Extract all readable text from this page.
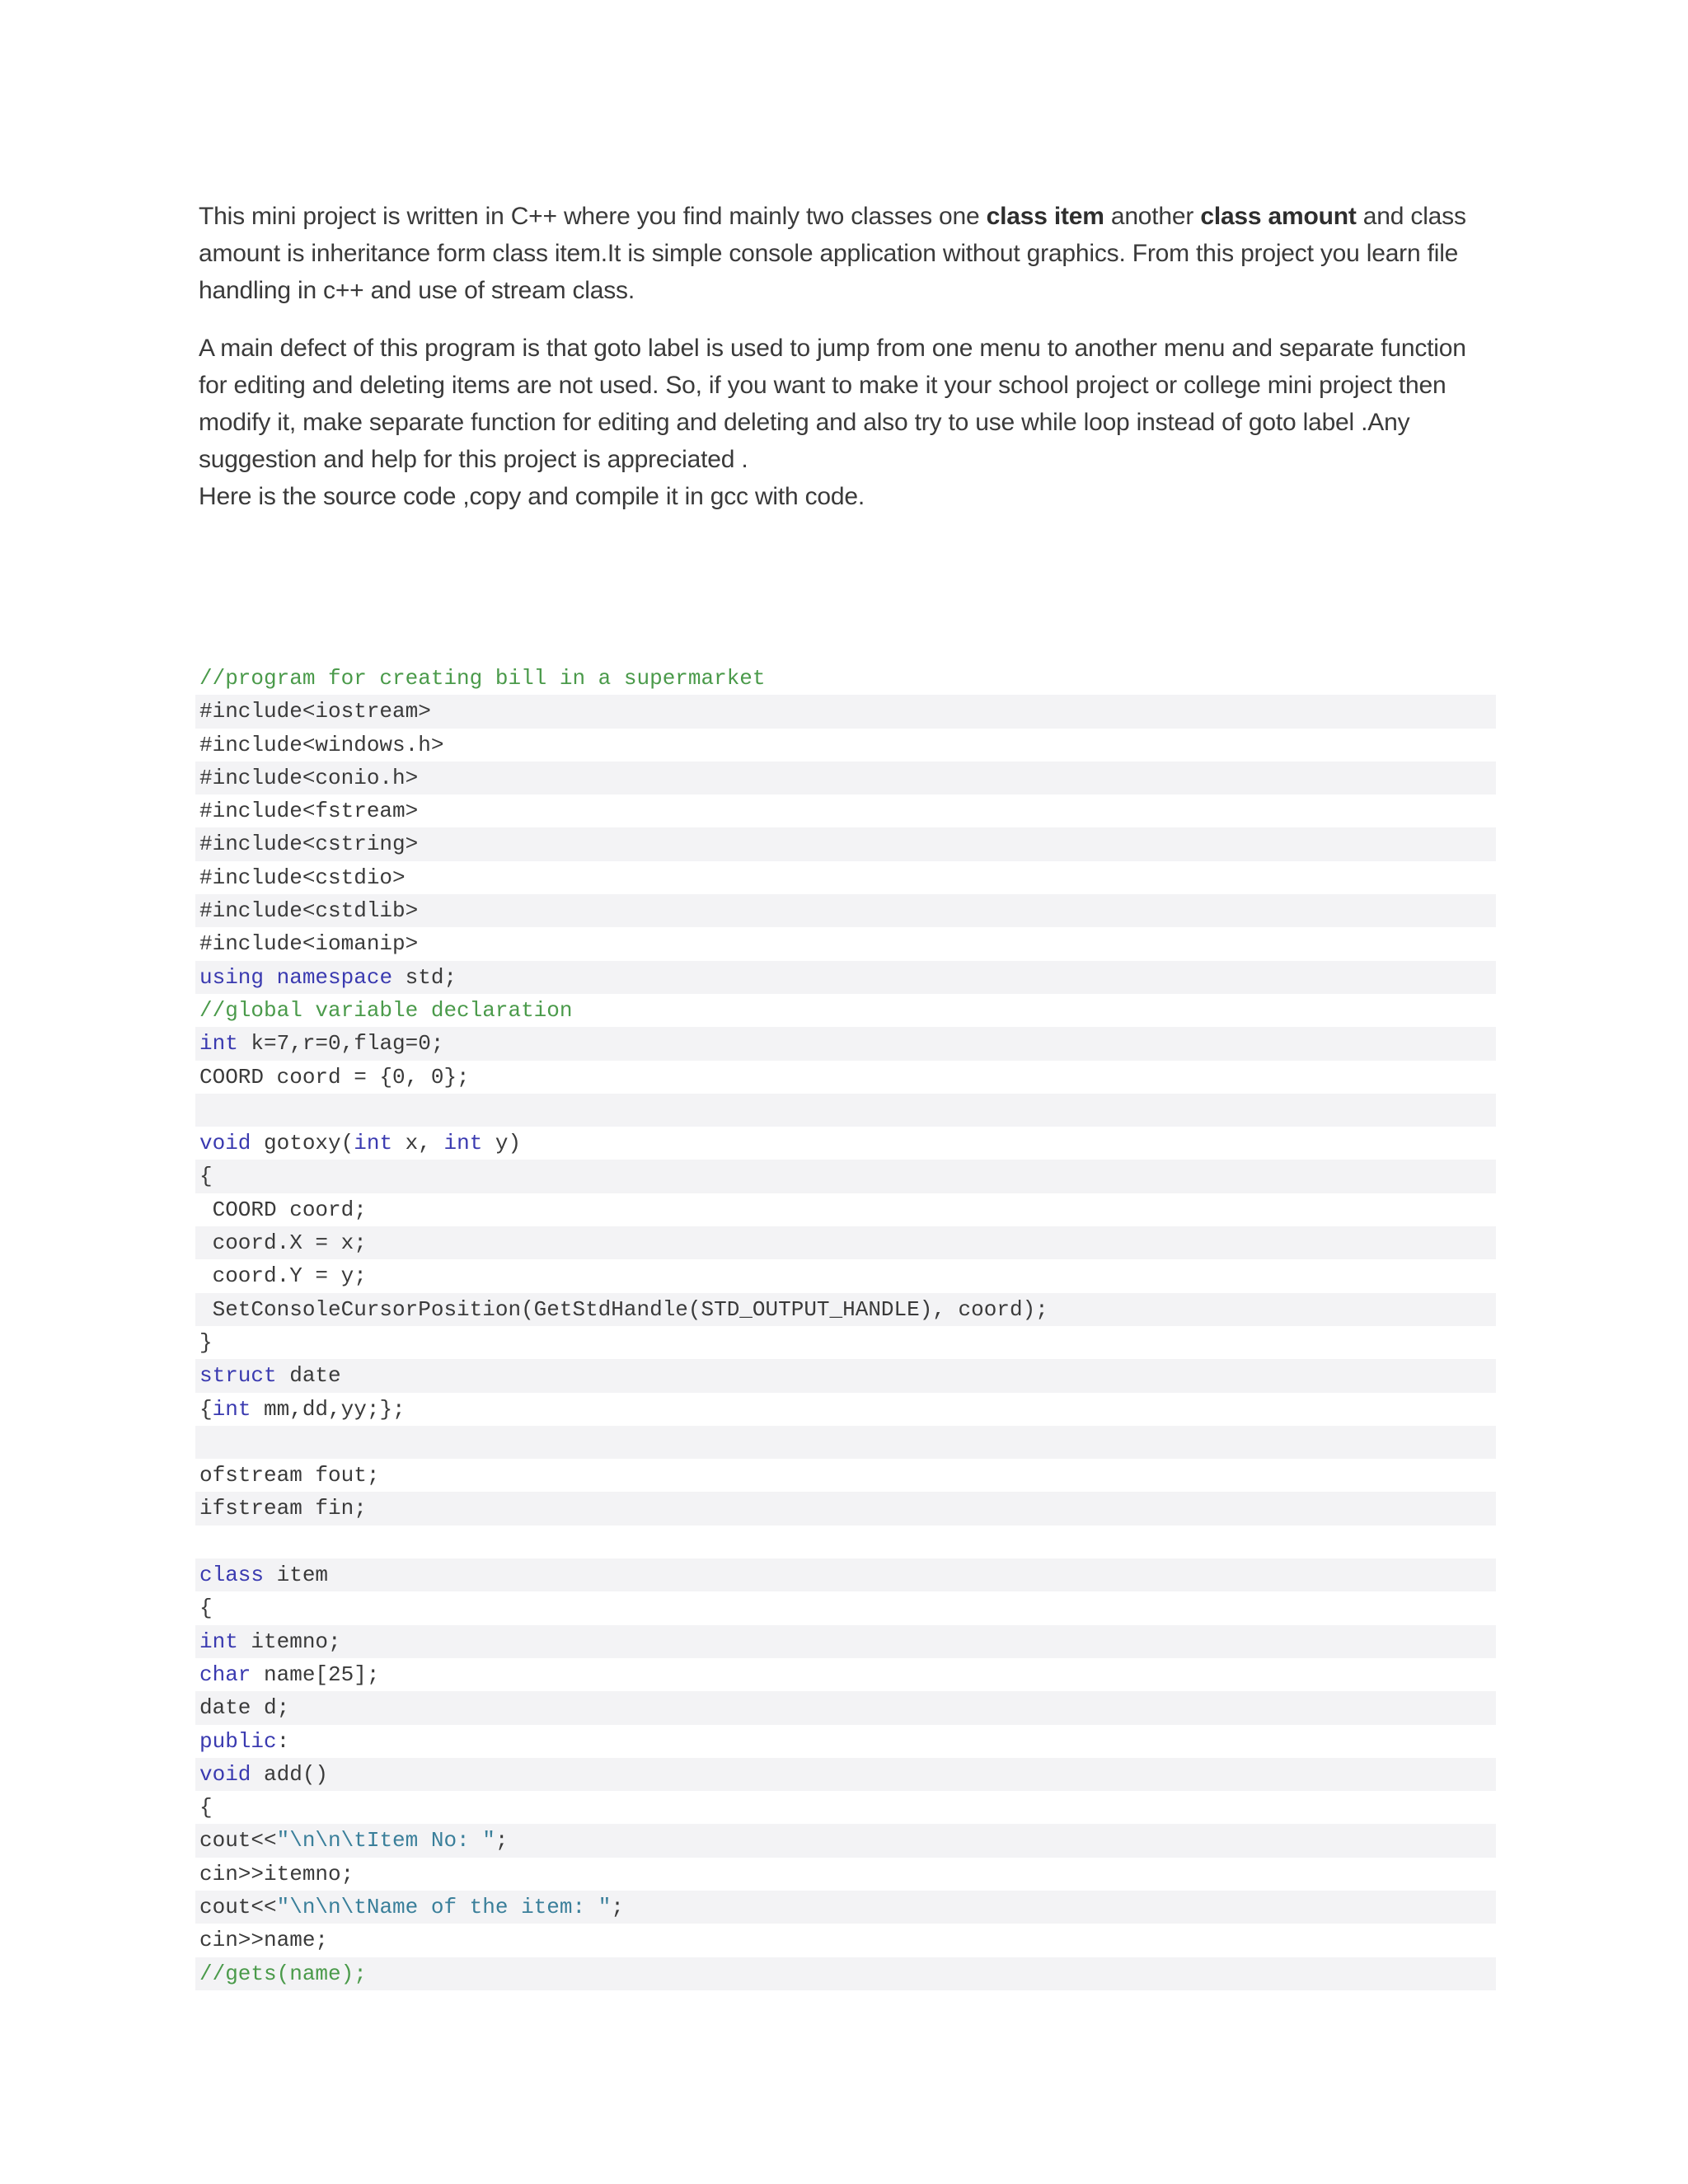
This mini project is written in C++ where you find mainly two classes one class item another class amount and class amount is inheritance form class item.It is simple console application without graphics. From this project you learn file handling in c++ and use of stream class.

A main defect of this program is that goto label is used to jump from one menu to another menu and separate function for editing and deleting items are not used. So, if you want to make it your school project or college mini project then modify it, make separate function for editing and deleting and also try to use while loop instead of goto label .Any suggestion and help for this project is appreciated .

Here is the source code ,copy and compile it in gcc with code.

//program for creating bill in a supermarket
#include<iostream>
#include<windows.h>
#include<conio.h>
#include<fstream>
#include<cstring>
#include<cstdio>
#include<cstdlib>
#include<iomanip>
using namespace std;
//global variable declaration
int k=7,r=0,flag=0;
COORD coord = {0, 0};
void gotoxy(int x, int y)
{
COORD coord;
coord.X = x;
coord.Y = y;
SetConsoleCursorPosition(GetStdHandle(STD_OUTPUT_HANDLE), coord);
}
struct date
{int mm,dd,yy;};
ofstream fout;
ifstream fin;
class item
{
int itemno;
char name[25];
date d;
public:
void add()
{
cout<<"\n\n\tItem No: ";
cin>>itemno;
cout<<"\n\n\tName of the item: ";
cin>>name;
//gets(name);
